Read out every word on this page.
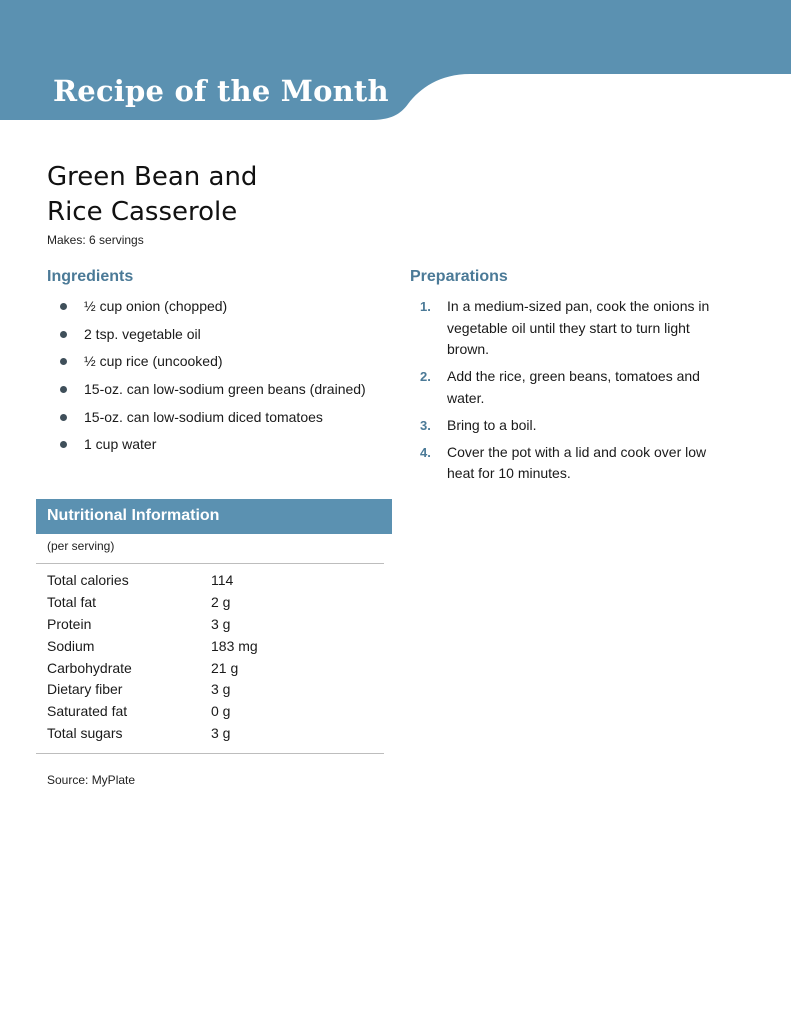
Recipe of the Month
Green Bean and
Rice Casserole
Makes: 6 servings
Ingredients
½ cup onion (chopped)
2 tsp. vegetable oil
½ cup rice (uncooked)
15-oz. can low-sodium green beans (drained)
15-oz. can low-sodium diced tomatoes
1 cup water
Preparations
1. In a medium-sized pan, cook the onions in vegetable oil until they start to turn light brown.
2. Add the rice, green beans, tomatoes and water.
3. Bring to a boil.
4. Cover the pot with a lid and cook over low heat for 10 minutes.
Nutritional Information
(per serving)
Total calories	114
Total fat	2 g
Protein	3 g
Sodium	183 mg
Carbohydrate	21 g
Dietary fiber	3 g
Saturated fat	0 g
Total sugars	3 g
Source: MyPlate
